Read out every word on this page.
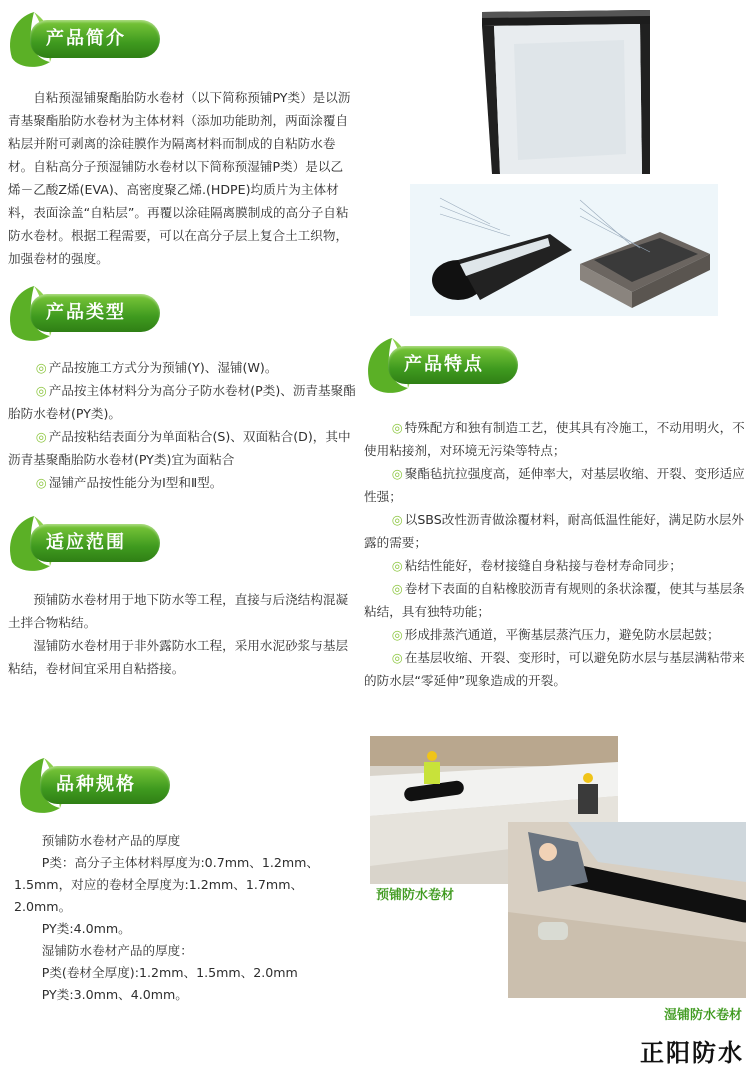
产品简介
产品类型
适应范围
产品特点
品种规格

自粘预湿铺聚酯胎防水卷材（以下简称预铺PY类）是以沥青基聚酯胎防水卷材为主体材料（添加功能助剂，两面涂覆自粘层并附可剥离的涂硅膜作为隔离材料而制成的自粘防水卷材。自粘高分子预湿铺防水卷材以下简称预湿铺P类）是以乙烯－乙酸Z烯(EVA)、高密度聚乙烯.(HDPE)均质片为主体材料，表面涂盖“自粘层”。再覆以涂硅隔离膜制成的高分子自粘防水卷材。根据工程需要，可以在高分子层上复合土工织物，加强卷材的强度。

◎ 产品按施工方式分为预铺(Y)、湿铺(W)。

◎ 产品按主体材料分为高分子防水卷材(P类)、沥青基聚酯胎防水卷材(PY类)。

◎ 产品按粘结表面分为单面粘合(S)、双面粘合(D)，其中沥青基聚酯胎防水卷材(PY类)宜为面粘合

◎ 湿铺产品按性能分为Ⅰ型和Ⅱ型。

预铺防水卷材用于地下防水等工程，直接与后浇结构混凝土拌合物粘结。

湿铺防水卷材用于非外露防水工程，采用水泥砂浆与基层粘结，卷材间宜采用自粘搭接。

◎ 特殊配方和独有制造工艺，使其具有冷施工，不动用明火，不使用粘接剂，对环境无污染等特点；

◎ 聚酯毡抗拉强度高，延伸率大，对基层收缩、开裂、变形适应性强；

◎ 以SBS改性沥青做涂覆材料，耐高低温性能好，满足防水层外露的需要；

◎ 粘结性能好，卷材接缝自身粘接与卷材寿命同步；

◎ 卷材下表面的自粘橡胶沥青有规则的条状涂覆，使其与基层条粘结，具有独特功能；

◎ 形成排蒸汽通道，平衡基层蒸汽压力，避免防水层起鼓；

◎ 在基层收缩、开裂、变形时，可以避免防水层与基层满粘带来的防水层“零延伸”现象造成的开裂。

预铺防水卷材产品的厚度

P类：高分子主体材料厚度为:0.7mm、1.2mm、1.5mm，对应的卷材全厚度为:1.2mm、1.7mm、2.0mm。

PY类:4.0mm。

湿铺防水卷材产品的厚度：

P类(卷材全厚度):1.2mm、1.5mm、2.0mm

PY类:3.0mm、4.0mm。

预铺防水卷材
湿铺防水卷材
正阳防水
